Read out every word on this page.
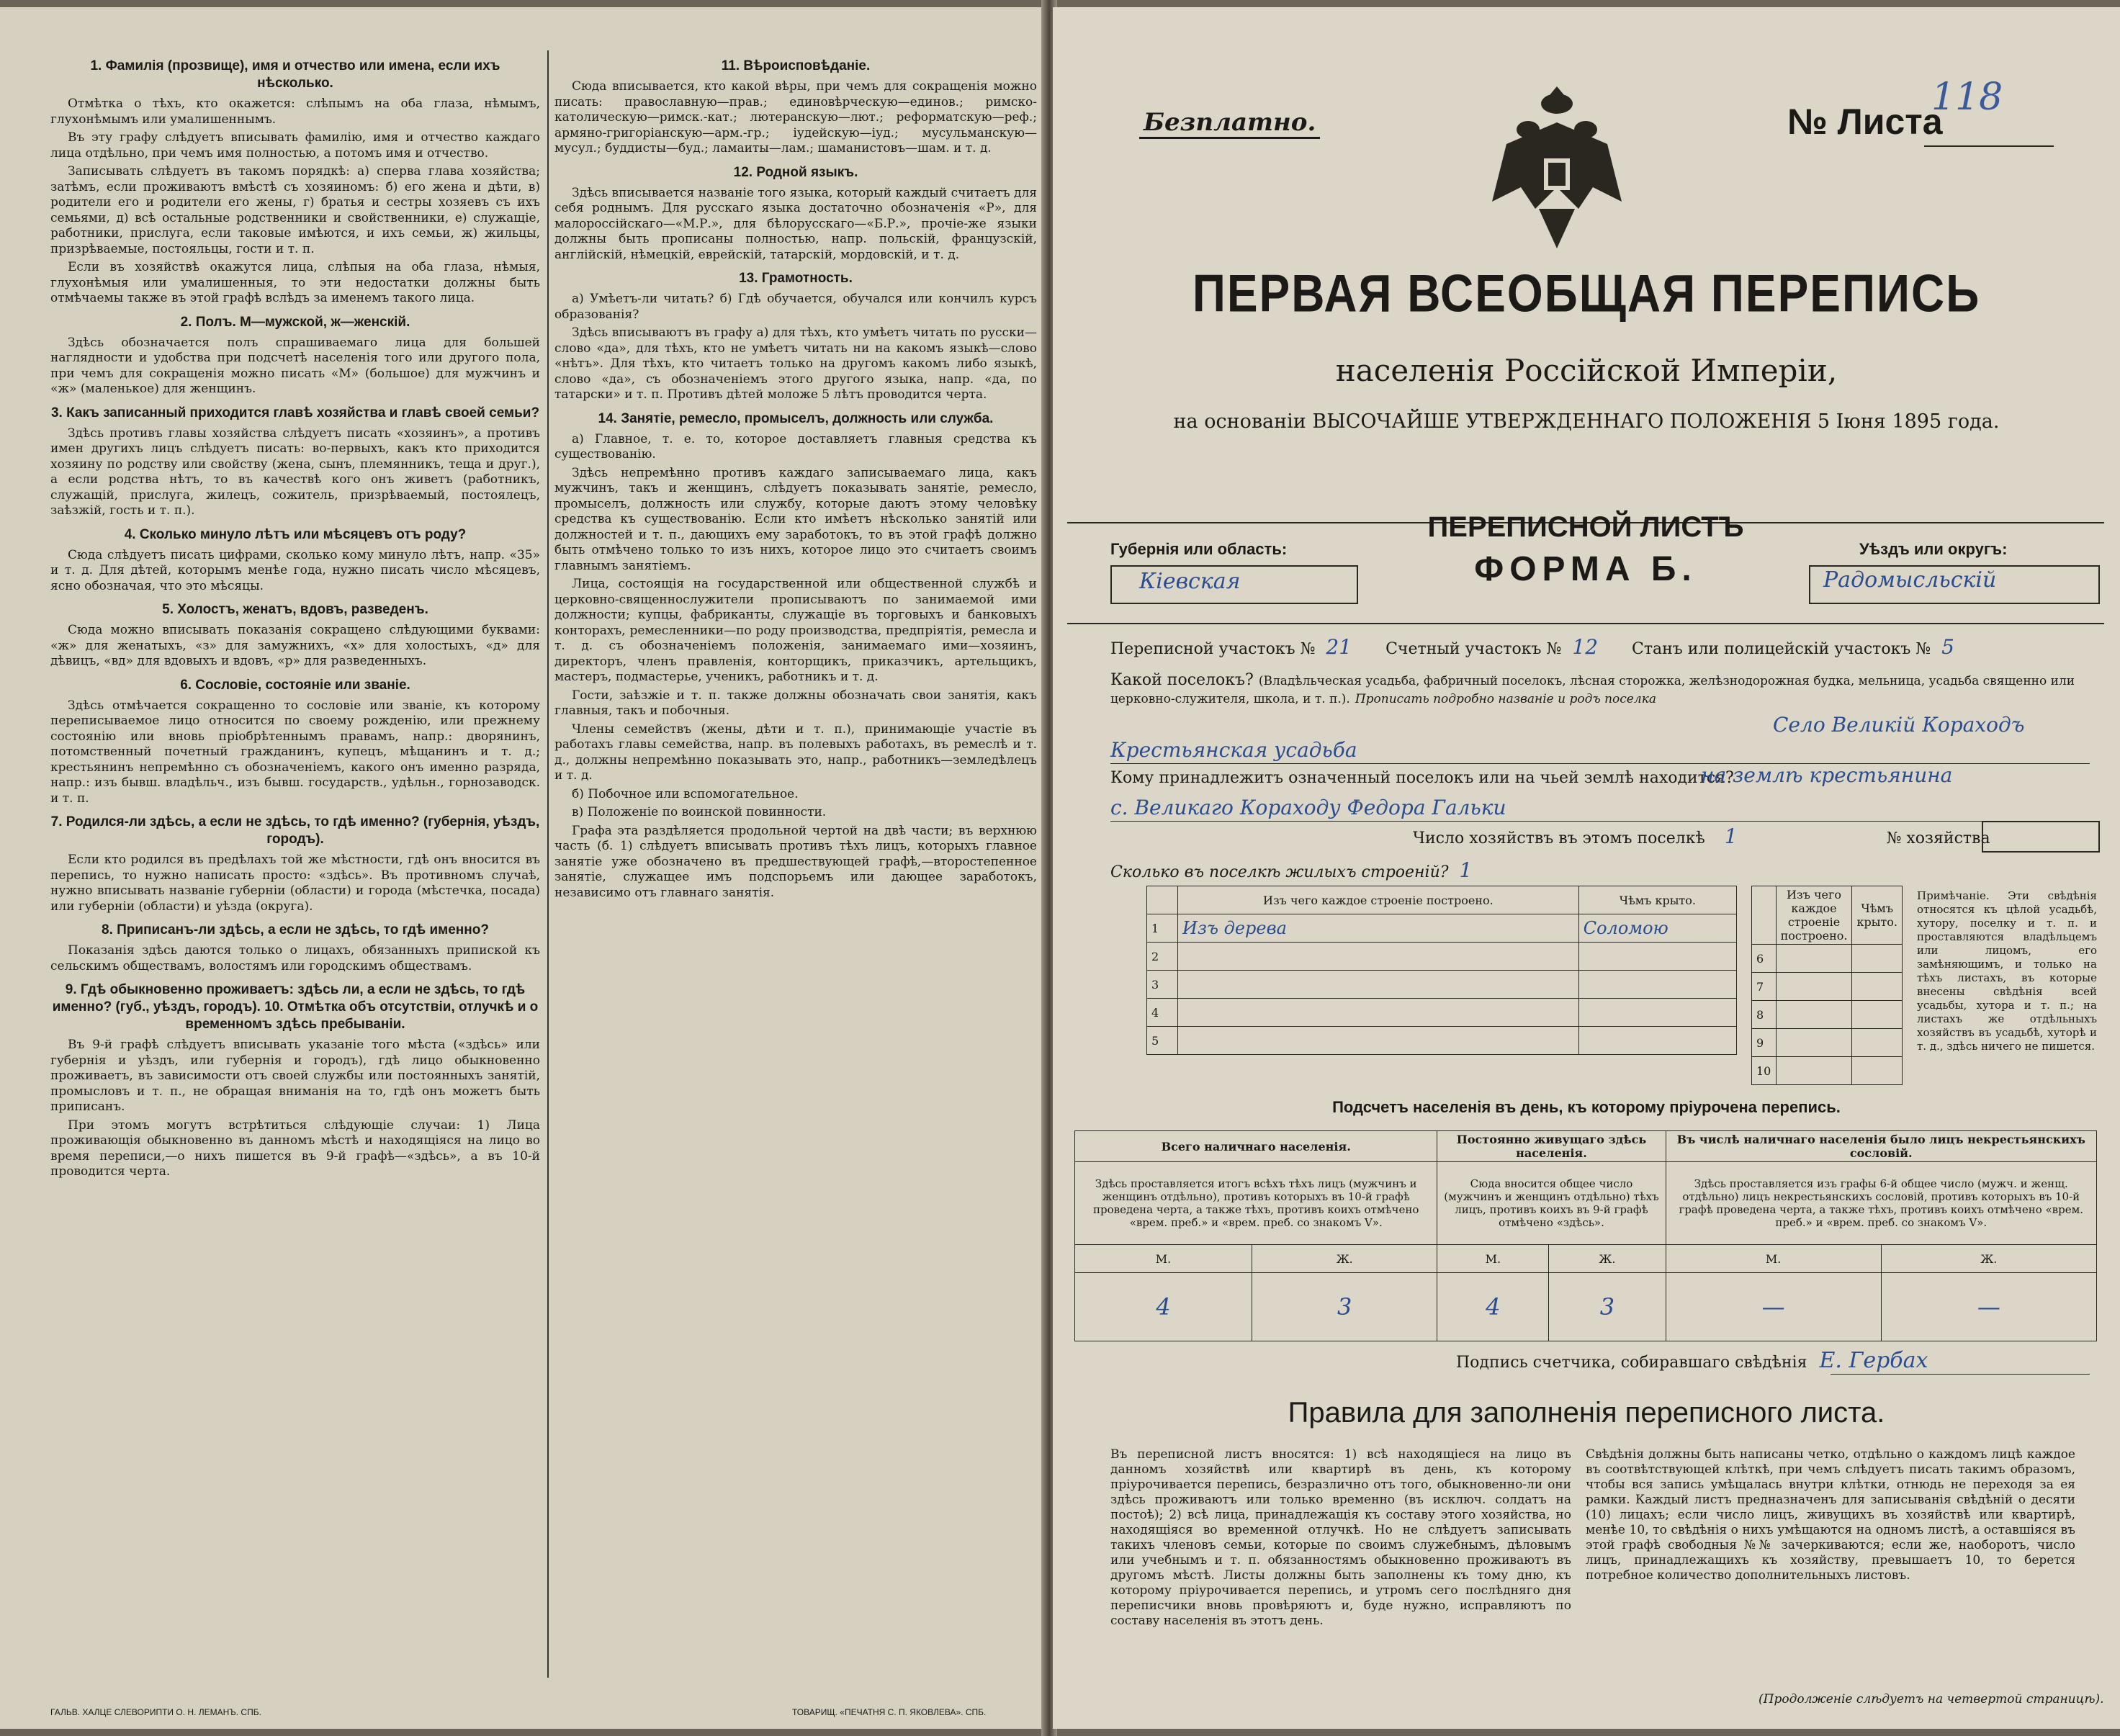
1. Фамилія (прозвище), имя и отчество или имена, если ихъ нѣсколько.

Отмѣтка о тѣхъ, кто окажется: слѣпымъ на оба глаза, нѣмымъ, глухонѣмымъ или умалишеннымъ.

Въ эту графу слѣдуетъ вписывать фамилію, имя и отчество каждаго лица отдѣльно, при чемъ имя полностью, а потомъ имя и отчество.

Записывать слѣдуетъ въ такомъ порядкѣ: а) сперва глава хозяйства; затѣмъ, если проживаютъ вмѣстѣ съ хозяиномъ: б) его жена и дѣти, в) родители его и родители его жены, г) братья и сестры хозяевъ съ ихъ семьями, д) всѣ остальные родственники и свойственники, е) служащіе, работники, прислуга, если таковые имѣются, и ихъ семьи, ж) жильцы, призрѣваемые, постояльцы, гости и т. п.

Если въ хозяйствѣ окажутся лица, слѣпыя на оба глаза, нѣмыя, глухонѣмыя или умалишенныя, то эти недостатки должны быть отмѣчаемы также въ этой графѣ вслѣдъ за именемъ такого лица.

2. Полъ. М—мужской, ж—женскій.

Здѣсь обозначается полъ спрашиваемаго лица для большей наглядности и удобства при подсчетѣ населенія того или другого пола, при чемъ для сокращенія можно писать «М» (большое) для мужчинъ и «ж» (маленькое) для женщинъ.

3. Какъ записанный приходится главѣ хозяйства и главѣ своей семьи?

Здѣсь противъ главы хозяйства слѣдуетъ писать «хозяинъ», а противъ имен другихъ лицъ слѣдуетъ писать: во-первыхъ, какъ кто приходится хозяину по родству или свойству (жена, сынъ, племянникъ, теща и друг.), а если родства нѣтъ, то въ качествѣ кого онъ живетъ (работникъ, служащій, прислуга, жилецъ, сожитель, призрѣваемый, постоялецъ, заѣзжій, гость и т. п.).

4. Сколько минуло лѣтъ или мѣсяцевъ отъ роду?

Сюда слѣдуетъ писать цифрами, сколько кому минуло лѣтъ, напр. «35» и т. д. Для дѣтей, которымъ менѣе года, нужно писать число мѣсяцевъ, ясно обозначая, что это мѣсяцы.

5. Холостъ, женатъ, вдовъ, разведенъ.

Сюда можно вписывать показанія сокращено слѣдующими буквами: «ж» для женатыхъ, «з» для замужнихъ, «х» для холостыхъ, «д» для дѣвицъ, «вд» для вдовыхъ и вдовъ, «р» для разведенныхъ.

6. Сословіе, состояніе или званіе.

Здѣсь отмѣчается сокращенно то сословіе или званіе, къ которому переписываемое лицо относится по своему рожденію, или прежнему состоянію или вновь пріобрѣтеннымъ правамъ, напр.: дворянинъ, потомственный почетный гражданинъ, купецъ, мѣщанинъ и т. д.; крестьянинъ непремѣнно съ обозначеніемъ, какого онъ именно разряда, напр.: изъ бывш. владѣльч., изъ бывш. государств., удѣльн., горнозаводск. и т. п.

7. Родился-ли здѣсь, а если не здѣсь, то гдѣ именно? (губернія, уѣздъ, городъ).

Если кто родился въ предѣлахъ той же мѣстности, гдѣ онъ вносится въ перепись, то нужно написать просто: «здѣсь». Въ противномъ случаѣ, нужно вписывать названіе губерніи (области) и города (мѣстечка, посада) или губерніи (области) и уѣзда (округа).

8. Приписанъ-ли здѣсь, а если не здѣсь, то гдѣ именно?

Показанія здѣсь даются только о лицахъ, обязанныхъ припиской къ сельскимъ обществамъ, волостямъ или городскимъ обществамъ.

9. Гдѣ обыкновенно проживаетъ: здѣсь ли, а если не здѣсь, то гдѣ именно? (губ., уѣздъ, городъ). 10. Отмѣтка объ отсутствіи, отлучкѣ и о временномъ здѣсь пребываніи.

Въ 9-й графѣ слѣдуетъ вписывать указаніе того мѣста («здѣсь» или губернія и уѣздъ, или губернія и городъ), гдѣ лицо обыкновенно проживаетъ, въ зависимости отъ своей службы или постоянныхъ занятій, промысловъ и т. п., не обращая вниманія на то, гдѣ онъ можетъ быть приписанъ.

При этомъ могутъ встрѣтиться слѣдующіе случаи: 1) Лица проживающія обыкновенно въ данномъ мѣстѣ и находящіяся на лицо во время переписи,—о нихъ пишется въ 9-й графѣ—«здѣсь», а въ 10-й проводится черта.

11. Вѣроисповѣданіе.

Сюда вписывается, кто какой вѣры, при чемъ для сокращенія можно писать: православную—прав.; единовѣрческую—единов.; римско-католическую—римск.-кат.; лютеранскую—лют.; реформатскую—реф.; армяно-григоріанскую—арм.-гр.; іудейскую—іуд.; мусульманскую—мусул.; буддисты—буд.; ламаиты—лам.; шаманистовъ—шам. и т. д.

12. Родной языкъ.

Здѣсь вписывается названіе того языка, который каждый считаетъ для себя роднымъ. Для русскаго языка достаточно обозначенія «Р», для малороссійскаго—«М.Р.», для бѣлорусскаго—«Б.Р.», прочіе-же языки должны быть прописаны полностью, напр. польскій, французскій, англійскій, нѣмецкій, еврейскій, татарскій, мордовскій, и т. д.

13. Грамотность.

а) Умѣетъ-ли читать? б) Гдѣ обучается, обучался или кончилъ курсъ образованія?

Здѣсь вписываютъ въ графу а) для тѣхъ, кто умѣетъ читать по русски—слово «да», для тѣхъ, кто не умѣетъ читать ни на какомъ языкѣ—слово «нѣтъ». Для тѣхъ, кто читаетъ только на другомъ какомъ либо языкѣ, слово «да», съ обозначеніемъ этого другого языка, напр. «да, по татарски» и т. п. Противъ дѣтей моложе 5 лѣтъ проводится черта.

14. Занятіе, ремесло, промыселъ, должность или служба.

а) Главное, т. е. то, которое доставляетъ главныя средства къ существованію.

Здѣсь непремѣнно противъ каждаго записываемаго лица, какъ мужчинъ, такъ и женщинъ, слѣдуетъ показывать занятіе, ремесло, промыселъ, должность или службу, которые даютъ этому человѣку средства къ существованію. Если кто имѣетъ нѣсколько занятій или должностей и т. п., дающихъ ему заработокъ, то въ этой графѣ должно быть отмѣчено только то изъ нихъ, которое лицо это считаетъ своимъ главнымъ занятіемъ.

Лица, состоящія на государственной или общественной службѣ и церковно-священнослужители прописываютъ по занимаемой ими должности; купцы, фабриканты, служащіе въ торговыхъ и банковыхъ конторахъ, ремесленники—по роду производства, предпріятія, ремесла и т. д. съ обозначеніемъ положенія, занимаемаго ими—хозяинъ, директоръ, членъ правленія, конторщикъ, приказчикъ, артельщикъ, мастеръ, подмастерье, ученикъ, работникъ и т. д.

Гости, заѣзжіе и т. п. также должны обозначать свои занятія, какъ главныя, такъ и побочныя.

Члены семействъ (жены, дѣти и т. п.), принимающіе участіе въ работахъ главы семейства, напр. въ полевыхъ работахъ, въ ремеслѣ и т. д., должны непремѣнно показывать это, напр., работникъ—земледѣлецъ и т. д.

б) Побочное или вспомогательное.

в) Положеніе по воинской повинности.

Графа эта раздѣляется продольной чертой на двѣ части; въ верхнюю часть (б. 1) слѣдуетъ вписывать противъ тѣхъ лицъ, которыхъ главное занятіе уже обозначено въ предшествующей графѣ,—второстепенное занятіе, служащее имъ подспорьемъ или дающее заработокъ, независимо отъ главнаго занятія.

ГАЛЬВ. ХАЛЦЕ СЛЕВОРИПТИ О. Н. ЛЕМАНЪ. СПБ.	ТОВАРИЩ. «ПЕЧАТНЯ С. П. ЯКОВЛЕВА». СПБ.
Безплатно.	№ Листа
118
ПЕРВАЯ ВСЕОБЩАЯ ПЕРЕПИСЬ
населенія Россійской Имперіи,
на основаніи ВЫСОЧАЙШЕ УТВЕРЖДЕННАГО ПОЛОЖЕНІЯ 5 Іюня 1895 года.
Губернія или область:
Кіевская
ПЕРЕПИСНОЙ ЛИСТЪ
ФОРМА Б.
Уѣздъ или округъ:
Радомысльскій
Переписной участокъ № 21 Счетный участокъ № 12 Станъ или полицейскій участокъ № 5
Какой поселокъ? (Владѣльческая усадьба, фабричный поселокъ, лѣсная сторожка, желѣзнодорожная будка, мельница, усадьба священно или церковно-служителя, школа, и т. п.). Прописать подробно названіе и родъ поселка
Село Великій Кораходъ
Крестьянская усадьба
Кому принадлежитъ означенный поселокъ или на чьей землѣ находится?
на землѣ крестьянина
с. Великаго Кораходу Федора Гальки
Число хозяйствъ въ этомъ поселкѣ 1	№ хозяйства
Сколько въ поселкѣ жилыхъ строеній? 1
	Изъ чего каждое строеніе построено.	Чѣмъ крыто.
1	Изъ дерева	Соломою
2		
3		
4		
5		
	Изъ чего каждое строеніе построено.	Чѣмъ крыто.
6		
7		
8		
9		
10		
Примѣчаніе. Эти свѣдѣнія относятся къ цѣлой усадьбѣ, хутору, поселку и т. п. и проставляются владѣльцемъ или лицомъ, его замѣняющимъ, и только на тѣхъ листахъ, въ которые внесены свѣдѣнія всей усадьбы, хутора и т. п.; на листахъ же отдѣльныхъ хозяйствъ въ усадьбѣ, хуторѣ и т. д., здѣсь ничего не пишется.
Подсчетъ населенія въ день, къ которому пріурочена перепись.
Всего наличнаго населенія.		Постоянно живущаго здѣсь населенія.		Въ числѣ наличнаго населенія было лицъ некрестьянскихъ сословій.	
Здѣсь проставляется итогъ всѣхъ тѣхъ лицъ (мужчинъ и женщинъ отдѣльно), противъ которыхъ въ 10-й графѣ проведена черта, а также тѣхъ, противъ коихъ отмѣчено «врем. преб.» и «врем. преб. со знакомъ V».		Сюда вносится общее число (мужчинъ и женщинъ отдѣльно) тѣхъ лицъ, противъ коихъ въ 9-й графѣ отмѣчено «здѣсь».		Здѣсь проставляется изъ графы 6-й общее число (мужч. и женщ. отдѣльно) лицъ некрестьянскихъ сословій, противъ которыхъ въ 10-й графѣ проведена черта, а также тѣхъ, противъ коихъ отмѣчено «врем. преб.» и «врем. преб. со знакомъ V».	
М.	Ж.	М.	Ж.	М.	Ж.
4	3	4	3	—	—
Подпись счетчика, собиравшаго свѣдѣнія Е. Гербах
Правила для заполненія переписного листа.
Въ переписной листъ вносятся: 1) всѣ находящіеся на лицо въ данномъ хозяйствѣ или квартирѣ въ день, къ которому пріурочивается перепись, безразлично отъ того, обыкновенно-ли они здѣсь проживаютъ или только временно (въ исключ. солдатъ на постоѣ); 2) всѣ лица, принадлежащія къ составу этого хозяйства, но находящіяся во временной отлучкѣ. Но не слѣдуетъ записывать такихъ членовъ семьи, которые по своимъ служебнымъ, дѣловымъ или учебнымъ и т. п. обязанностямъ обыкновенно проживаютъ въ другомъ мѣстѣ. Листы должны быть заполнены къ тому дню, къ которому пріурочивается перепись, и утромъ сего послѣдняго дня переписчики вновь провѣряютъ и, буде нужно, исправляютъ по составу населенія въ этотъ день.
Свѣдѣнія должны быть написаны четко, отдѣльно о каждомъ лицѣ каждое въ соотвѣтствующей клѣткѣ, при чемъ слѣдуетъ писать такимъ образомъ, чтобы вся запись умѣщалась внутри клѣтки, отнюдь не переходя за ея рамки. Каждый листъ предназначенъ для записыванія свѣдѣній о десяти (10) лицахъ; если число лицъ, живущихъ въ хозяйствѣ или квартирѣ, менѣе 10, то свѣдѣнія о нихъ умѣщаются на одномъ листѣ, а оставшіяся въ этой графѣ свободныя №№ зачеркиваются; если же, наоборотъ, число лицъ, принадлежащихъ къ хозяйству, превышаетъ 10, то берется потребное количество дополнительныхъ листовъ.
(Продолженіе слѣдуетъ на четвертой страницѣ).
